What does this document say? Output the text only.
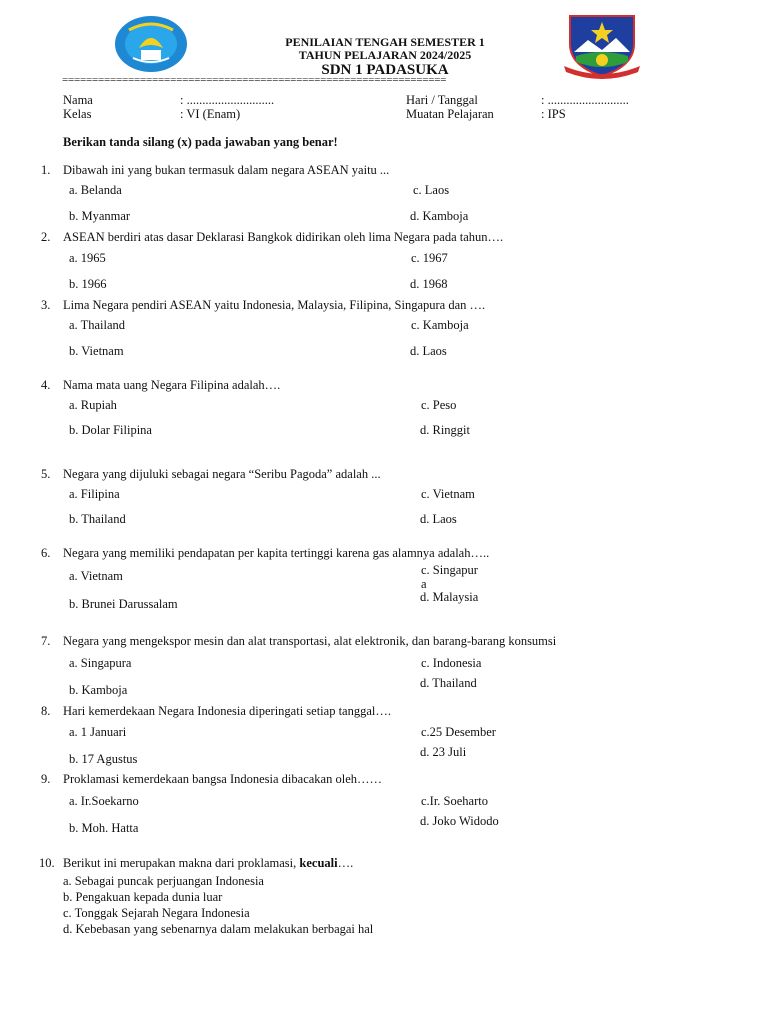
PENILAIAN TENGAH SEMESTER 1
TAHUN PELAJARAN 2024/2025
SDN 1 PADASUKA
================================================================
Nama	: ............................
Kelas	: VI (Enam)
Hari / Tanggal	: ..........................
Muatan Pelajaran	: IPS
Berikan tanda silang (x) pada jawaban yang benar!
1. Dibawah ini yang bukan termasuk dalam negara ASEAN yaitu ...
a. Belanda
b. Myanmar
c. Laos
d. Kamboja
2. ASEAN berdiri atas dasar Deklarasi Bangkok didirikan oleh lima Negara pada tahun….
a. 1965
b. 1966
c. 1967
d. 1968
3. Lima Negara pendiri ASEAN yaitu Indonesia, Malaysia, Filipina, Singapura dan ….
a. Thailand
b. Vietnam
c. Kamboja
d. Laos
4. Nama mata uang Negara Filipina adalah….
a. Rupiah
b. Dolar Filipina
c. Peso
d. Ringgit
5. Negara yang dijuluki sebagai negara “Seribu Pagoda” adalah ...
a. Filipina
b. Thailand
c. Vietnam
d. Laos
6. Negara yang memiliki pendapatan per kapita tertinggi karena gas alamnya adalah…..
a. Vietnam
b. Brunei Darussalam
c. Singapur
a
d. Malaysia
7. Negara yang mengekspor mesin dan alat transportasi, alat elektronik, dan barang-barang konsumsi
a. Singapura
b. Kamboja
c. Indonesia
d. Thailand
8. Hari kemerdekaan Negara Indonesia diperingati setiap tanggal….
a. 1 Januari
b. 17 Agustus
c.25 Desember
d. 23 Juli
9. Proklamasi kemerdekaan bangsa Indonesia dibacakan oleh……
a. Ir.Soekarno
b. Moh. Hatta
c.Ir. Soeharto
d. Joko Widodo
10. Berikut ini merupakan makna dari proklamasi, kecuali….
a. Sebagai puncak perjuangan Indonesia
b. Pengakuan kepada dunia luar
c. Tonggak Sejarah Negara Indonesia
d. Kebebasan yang sebenarnya dalam melakukan berbagai hal
